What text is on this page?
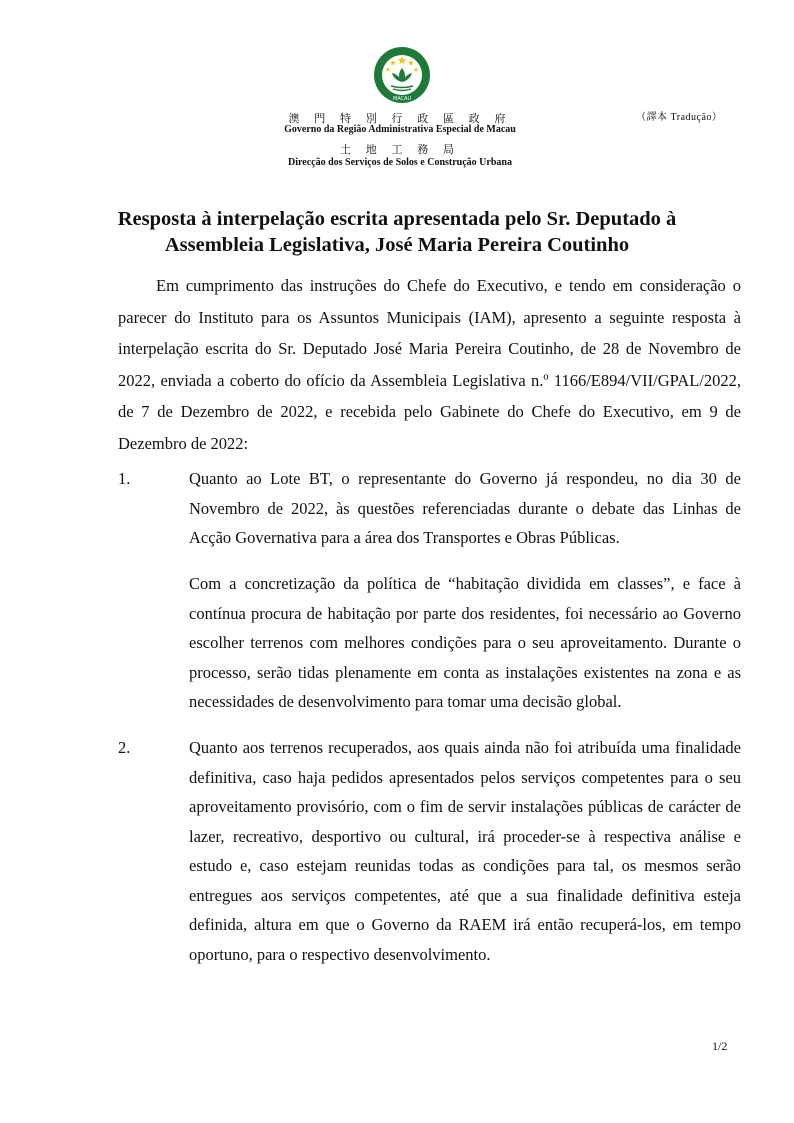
MACAU
（譯本 Tradução）
澳 門 特 別 行 政 區 政 府
Governo da Região Administrativa Especial de Macau
土 地 工 務 局
Direcção dos Serviços de Solos e Construção Urbana
Resposta à interpelação escrita apresentada pelo Sr. Deputado à
Assembleia Legislativa, José Maria Pereira Coutinho

Em cumprimento das instruções do Chefe do Executivo, e tendo em consideração o parecer do Instituto para os Assuntos Municipais (IAM), apresento a seguinte resposta à interpelação escrita do Sr. Deputado José Maria Pereira Coutinho, de 28 de Novembro de 2022, enviada a coberto do ofício da Assembleia Legislativa n.º 1166/E894/VII/GPAL/2022, de 7 de Dezembro de 2022, e recebida pelo Gabinete do Chefe do Executivo, em 9 de Dezembro de 2022:

1.	Quanto ao Lote BT, o representante do Governo já respondeu, no dia 30 de Novembro de 2022, às questões referenciadas durante o debate das Linhas de Acção Governativa para a área dos Transportes e Obras Públicas.

Com a concretização da política de “habitação dividida em classes”, e face à contínua procura de habitação por parte dos residentes, foi necessário ao Governo escolher terrenos com melhores condições para o seu aproveitamento. Durante o processo, serão tidas plenamente em conta as instalações existentes na zona e as necessidades de desenvolvimento para tomar uma decisão global.

2.	Quanto aos terrenos recuperados, aos quais ainda não foi atribuída uma finalidade definitiva, caso haja pedidos apresentados pelos serviços competentes para o seu aproveitamento provisório, com o fim de servir instalações públicas de carácter de lazer, recreativo, desportivo ou cultural, irá proceder-se à respectiva análise e estudo e, caso estejam reunidas todas as condições para tal, os mesmos serão entregues aos serviços competentes, até que a sua finalidade definitiva esteja definida, altura em que o Governo da RAEM irá então recuperá-los, em tempo oportuno, para o respectivo desenvolvimento.

1/2
